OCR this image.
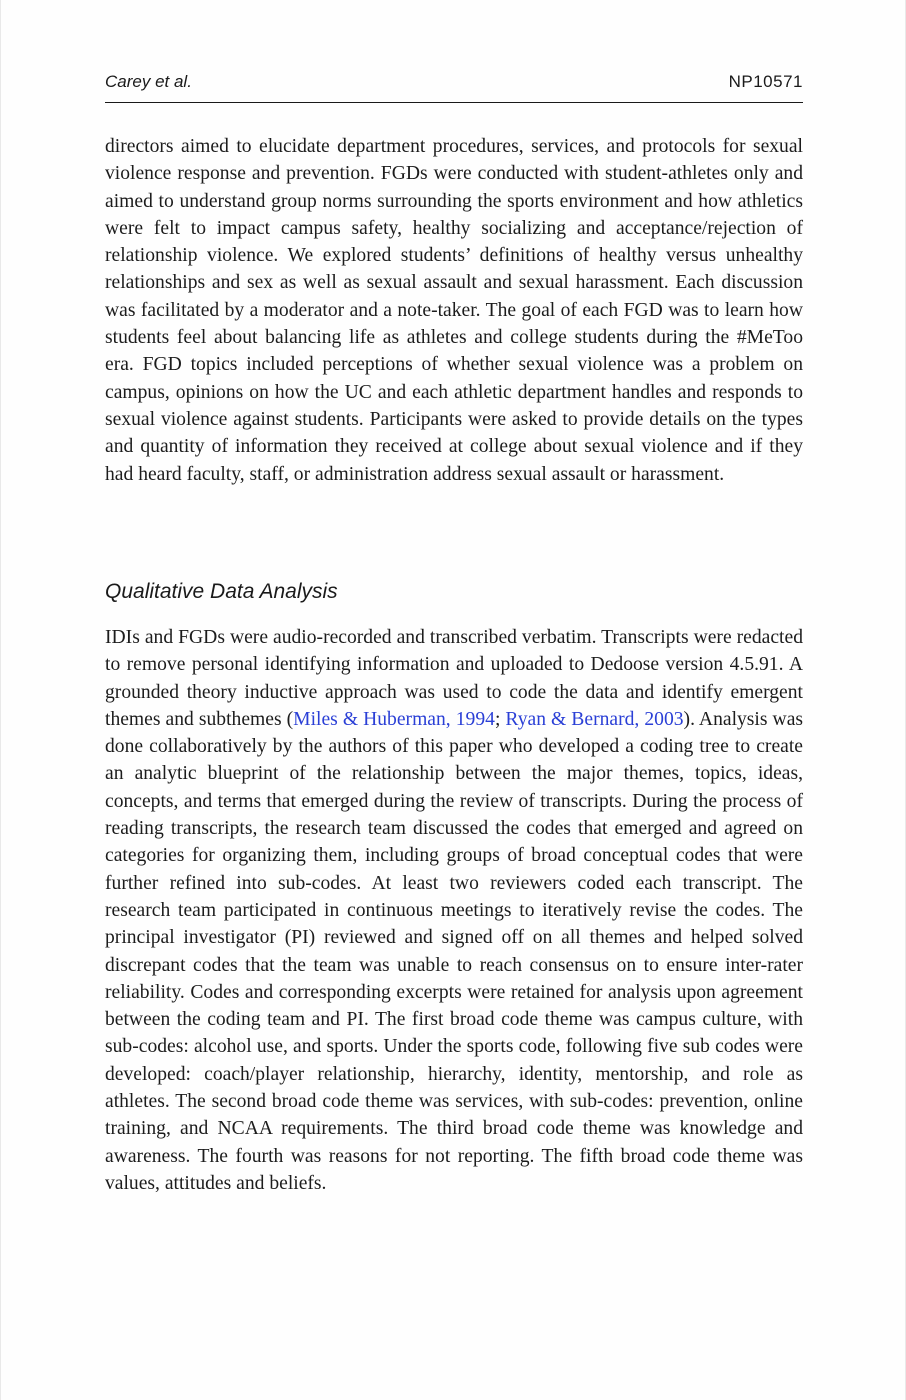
Carey et al.	NP10571

directors aimed to elucidate department procedures, services, and protocols for sexual violence response and prevention. FGDs were conducted with student-athletes only and aimed to understand group norms surrounding the sports environment and how athletics were felt to impact campus safety, healthy socializing and acceptance/rejection of relationship violence. We explored students’ definitions of healthy versus unhealthy relationships and sex as well as sexual assault and sexual harassment. Each discussion was facilitated by a moderator and a note-taker. The goal of each FGD was to learn how students feel about balancing life as athletes and college students during the #MeToo era. FGD topics included perceptions of whether sexual violence was a problem on campus, opinions on how the UC and each athletic department handles and responds to sexual violence against students. Participants were asked to provide details on the types and quantity of information they received at college about sexual violence and if they had heard faculty, staff, or administration address sexual assault or harassment.

Qualitative Data Analysis

IDIs and FGDs were audio-recorded and transcribed verbatim. Transcripts were redacted to remove personal identifying information and uploaded to Dedoose version 4.5.91. A grounded theory inductive approach was used to code the data and identify emergent themes and subthemes (Miles & Huberman, 1994; Ryan & Bernard, 2003). Analysis was done collaboratively by the authors of this paper who developed a coding tree to create an analytic blueprint of the relationship between the major themes, topics, ideas, concepts, and terms that emerged during the review of transcripts. During the process of reading transcripts, the research team discussed the codes that emerged and agreed on categories for organizing them, including groups of broad conceptual codes that were further refined into sub-codes. At least two reviewers coded each transcript. The research team participated in continuous meetings to iteratively revise the codes. The principal investigator (PI) reviewed and signed off on all themes and helped solved discrepant codes that the team was unable to reach consensus on to ensure inter-rater reliability. Codes and corresponding excerpts were retained for analysis upon agreement between the coding team and PI. The first broad code theme was campus culture, with sub-codes: alcohol use, and sports. Under the sports code, following five sub codes were developed: coach/player relationship, hierarchy, identity, mentorship, and role as athletes. The second broad code theme was services, with sub-codes: prevention, online training, and NCAA requirements. The third broad code theme was knowledge and awareness. The fourth was reasons for not reporting. The fifth broad code theme was values, attitudes and beliefs.
